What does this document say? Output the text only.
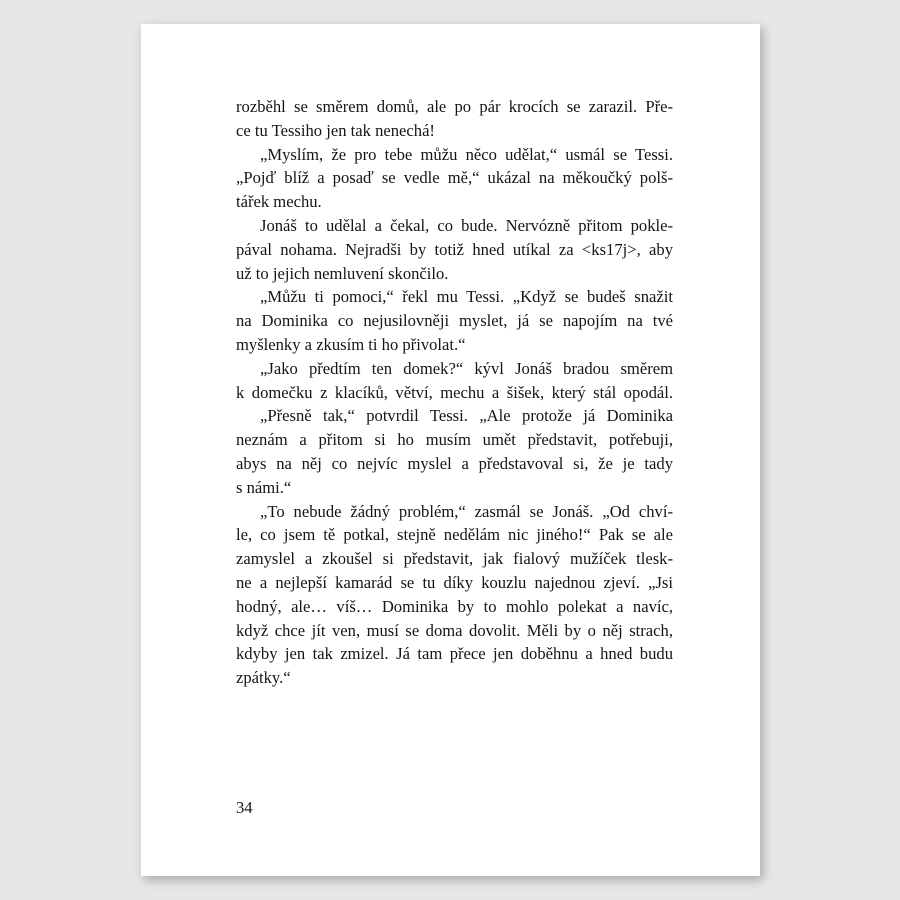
rozběhl se směrem domů, ale po pár krocích se zarazil. Pře-
ce tu Tessiho jen tak nenechá!
„Myslím, že pro tebe můžu něco udělat,“ usmál se Tessi.
„Pojď blíž a posaď se vedle mě,“ ukázal na měkoučký polš-
tářek mechu.
Jonáš to udělal a čekal, co bude. Nervózně přitom pokle-
pával nohama. Nejradši by totiž hned utíkal za <ks17j>, aby
už to jejich nemluvení skončilo.
„Můžu ti pomoci,“ řekl mu Tessi. „Když se budeš snažit
na Dominika co nejusilovněji myslet, já se napojím na tvé
myšlenky a zkusím ti ho přivolat.“
„Jako předtím ten domek?“ kývl Jonáš bradou směrem
k domečku z klacíků, větví, mechu a šišek, který stál opodál.
„Přesně tak,“ potvrdil Tessi. „Ale protože já Dominika
neznám a přitom si ho musím umět představit, potřebuji,
abys na něj co nejvíc myslel a představoval si, že je tady
s námi.“
„To nebude žádný problém,“ zasmál se Jonáš. „Od chví-
le, co jsem tě potkal, stejně nedělám nic jiného!“ Pak se ale
zamyslel a zkoušel si představit, jak fialový mužíček tlesk-
ne a nejlepší kamarád se tu díky kouzlu najednou zjeví. „Jsi
hodný, ale… víš… Dominika by to mohlo polekat a navíc,
když chce jít ven, musí se doma dovolit. Měli by o něj strach,
kdyby jen tak zmizel. Já tam přece jen doběhnu a hned budu
zpátky.“
34
